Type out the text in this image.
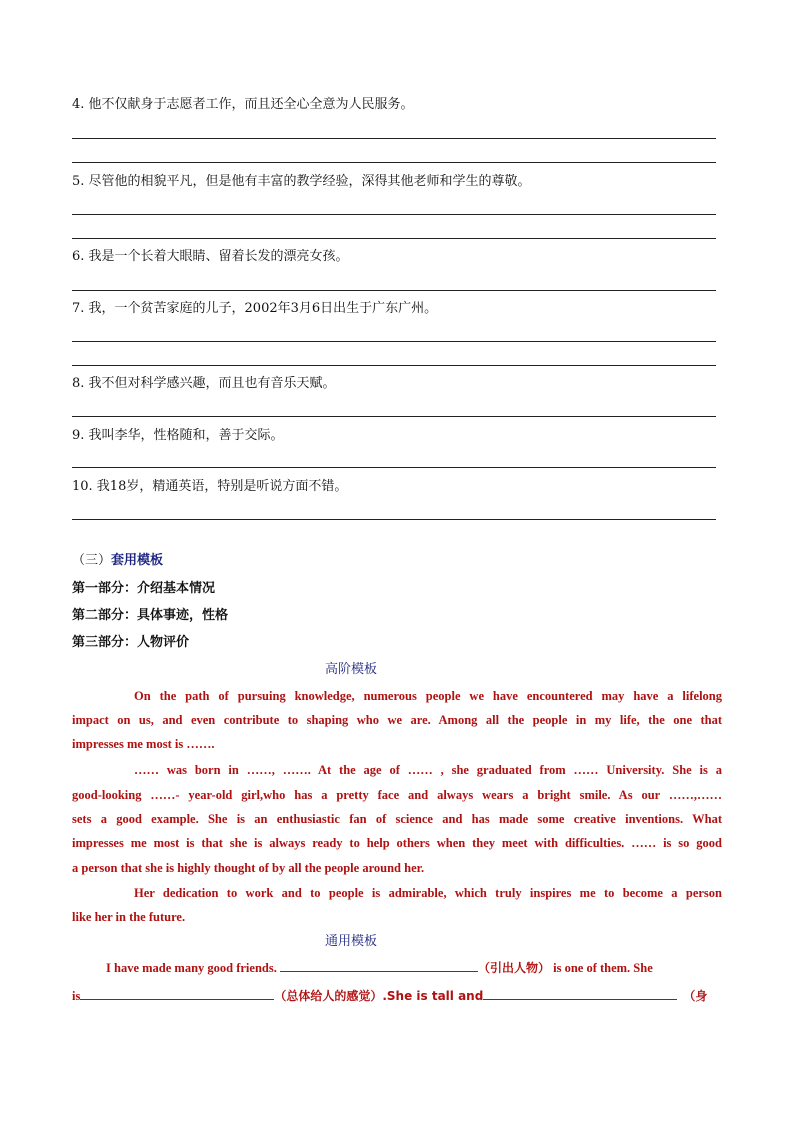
4. 他不仅献身于志愿者工作，而且还全心全意为人民服务。
5. 尽管他的相貌平凡，但是他有丰富的教学经验，深得其他老师和学生的尊敬。
6. 我是一个长着大眼睛、留着长发的漂亮女孩。
7. 我，一个贫苦家庭的儿子，2002年3月6日出生于广东广州。
8. 我不但对科学感兴趣，而且也有音乐天赋。
9. 我叫李华，性格随和，善于交际。
10. 我18岁，精通英语，特别是听说方面不错。
（三）套用模板
第一部分：介绍基本情况
第二部分：具体事迹，性格
第三部分：人物评价
高阶模板
On the path of pursuing knowledge, numerous people we have encountered may have a lifelong
impact on us, and even contribute to shaping who we are. Among all the people in my life, the one that
impresses me most is …….
…… was born in ……, ……. At the age of …… , she graduated from …… University. She is a
good-looking ……- year-old girl,who has a pretty face and always wears a bright smile. As our ……,……
sets a good example. She is an enthusiastic fan of science and has made some creative inventions. What
impresses me most is that she is always ready to help others when they meet with difficulties. …… is so good
a person that she is highly thought of by all the people around her.
Her dedication to work and to people is admirable, which truly inspires me to become a person
like her in the future.
通用模板
I have made many good friends.	（引出人物） is one of them. She
is	（总体给人的感觉）.She is tall and	（身
